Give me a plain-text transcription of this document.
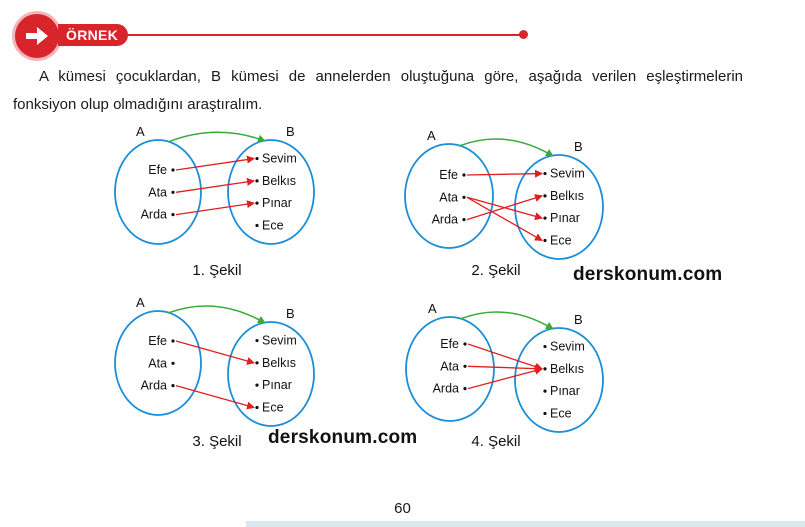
ÖRNEK
A kümesi çocuklardan, B kümesi de annelerden oluştuğuna göre, aşağıda verilen eşleştirmelerin fonksiyon olup olmadığını araştıralım.
A	B
Efe
Ata
Arda
Sevim
Belkıs
Pınar
Ece
1. Şekil
A
B
Efe
Ata
Arda
Sevim
Belkıs
Pınar
Ece
2. Şekil
A
B
Efe
Ata
Arda
Sevim
Belkıs
Pınar
Ece
3. Şekil
A
B
Efe
Ata
Arda
Sevim
Belkıs
Pınar
Ece
4. Şekil
derskonum.com
derskonum.com
60
